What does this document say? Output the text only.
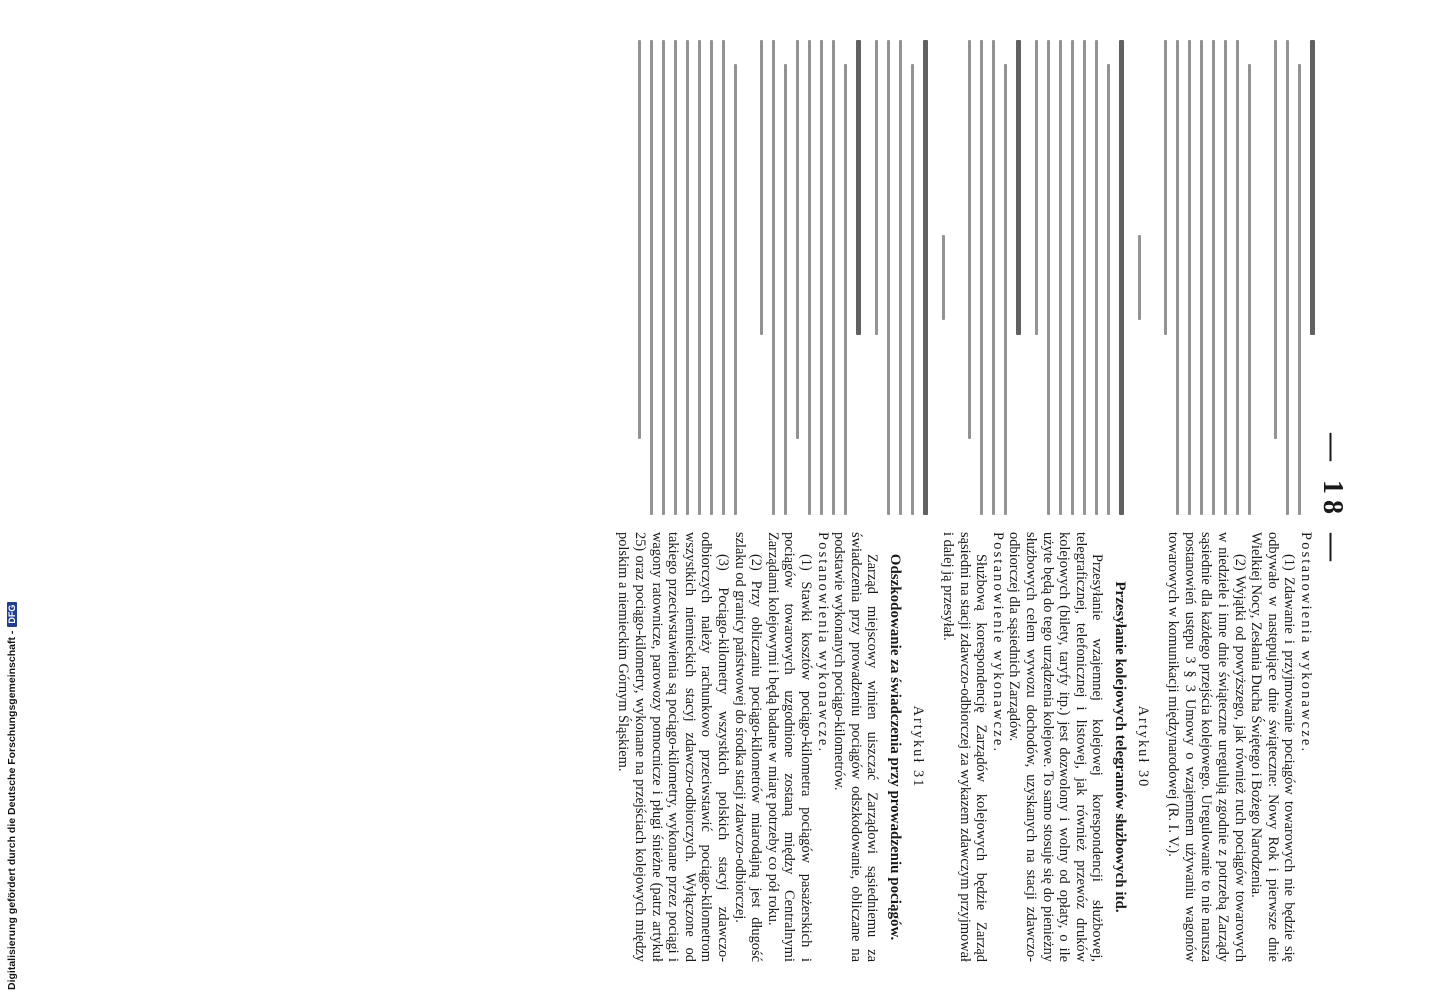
— 18 —

Postanowienia wykonawcze.

(1) Zdawanie i przyjmowanie pociągów towarowych nie będzie się odbywało w następujące dnie świąteczne: Nowy Rok i pierwsze dnie Wielkiej Nocy, Zesłania Ducha Świętego i Bożego Narodzenia.

(2) Wyjątki od powyższego, jak również ruch pociągów towarowych w niedziele i inne dnie świąteczne uregulują zgodnie z potrzebą Zarządy sąsiednie dla każdego przejścia kolejowego. Uregulowanie to nie narusza postanowień ustępu 3 § 3 Umowy o wzajemnem używaniu wagonów towarowych w komunikacji międzynarodowej (R. I. V.).

Artykuł 30

Przesyłanie kolejowych telegramów służbowych itd.

Przesyłanie wzajemnej kolejowej korespondencji służbowej, telegraficznej, telefonicznej i listowej, jak również przewóz druków kolejowych (bilety, taryfy itp.) jest dozwolony i wolny od opłaty, o ile użyte będą do tego urządzenia kolejowe. To samo stosuje się do pienieżny służbowych celem wywozu dochodów, uzyskanych na stacji zdawczo-odbiorczej dla sąsiednich Zarządów.

Postanowienie wykonawcze.

Służbową korespondencję Zarządów kolejowych będzie Zarząd sąsiedni na stacji zdawczo-odbiorczej za wykazem zdawczym przyjmował i dalej ją przesyłał.

Artykuł 31

Odszkodowanie za świadczenia przy prowadzeniu pociągów.

Zarząd miejscowy winien uiszczać Zarządowi sąsiedniemu za świadczenia przy prowadzeniu pociągów odszkodowanie, obliczane na podstawie wykonanych pociągo-kilometrów.

Postanowienia wykonawcze.

(1) Stawki kosztów pociągo-kilometra pociągów pasażerskich i pociągów towarowych uzgodnione zostaną między Centralnymi Zarządami kolejowymi i będą badane w miarę potrzeby co pół roku.

(2) Przy obliczaniu pociągo-kilometrów miarodajną jest długość szlaku od granicy państwowej do środka stacji zdawczo-odbiorczej.

(3) Pociągo-kilometry wszystkich polskich stacyj zdawczo-odbiorczych należy rachunkowo przeciwstawić pociągo-kilometrom wszystkich niemieckich stacyj zdawczo-odbiorczych. Wyłączone od takiego przeciwstawienia są pociągo-kilometry, wykonane przez pociągi i wagony ratownicze, parowozy pomocnicze i pługi śnieżne (patrz artykuł 25) oraz pociągo-kilometry, wykonane na przejściach kolejowych między polskim a niemieckim Górnym Śląskiem.

Digitalisierung gefördert durch die Deutsche Forschungsgemeinschaft -DFG
